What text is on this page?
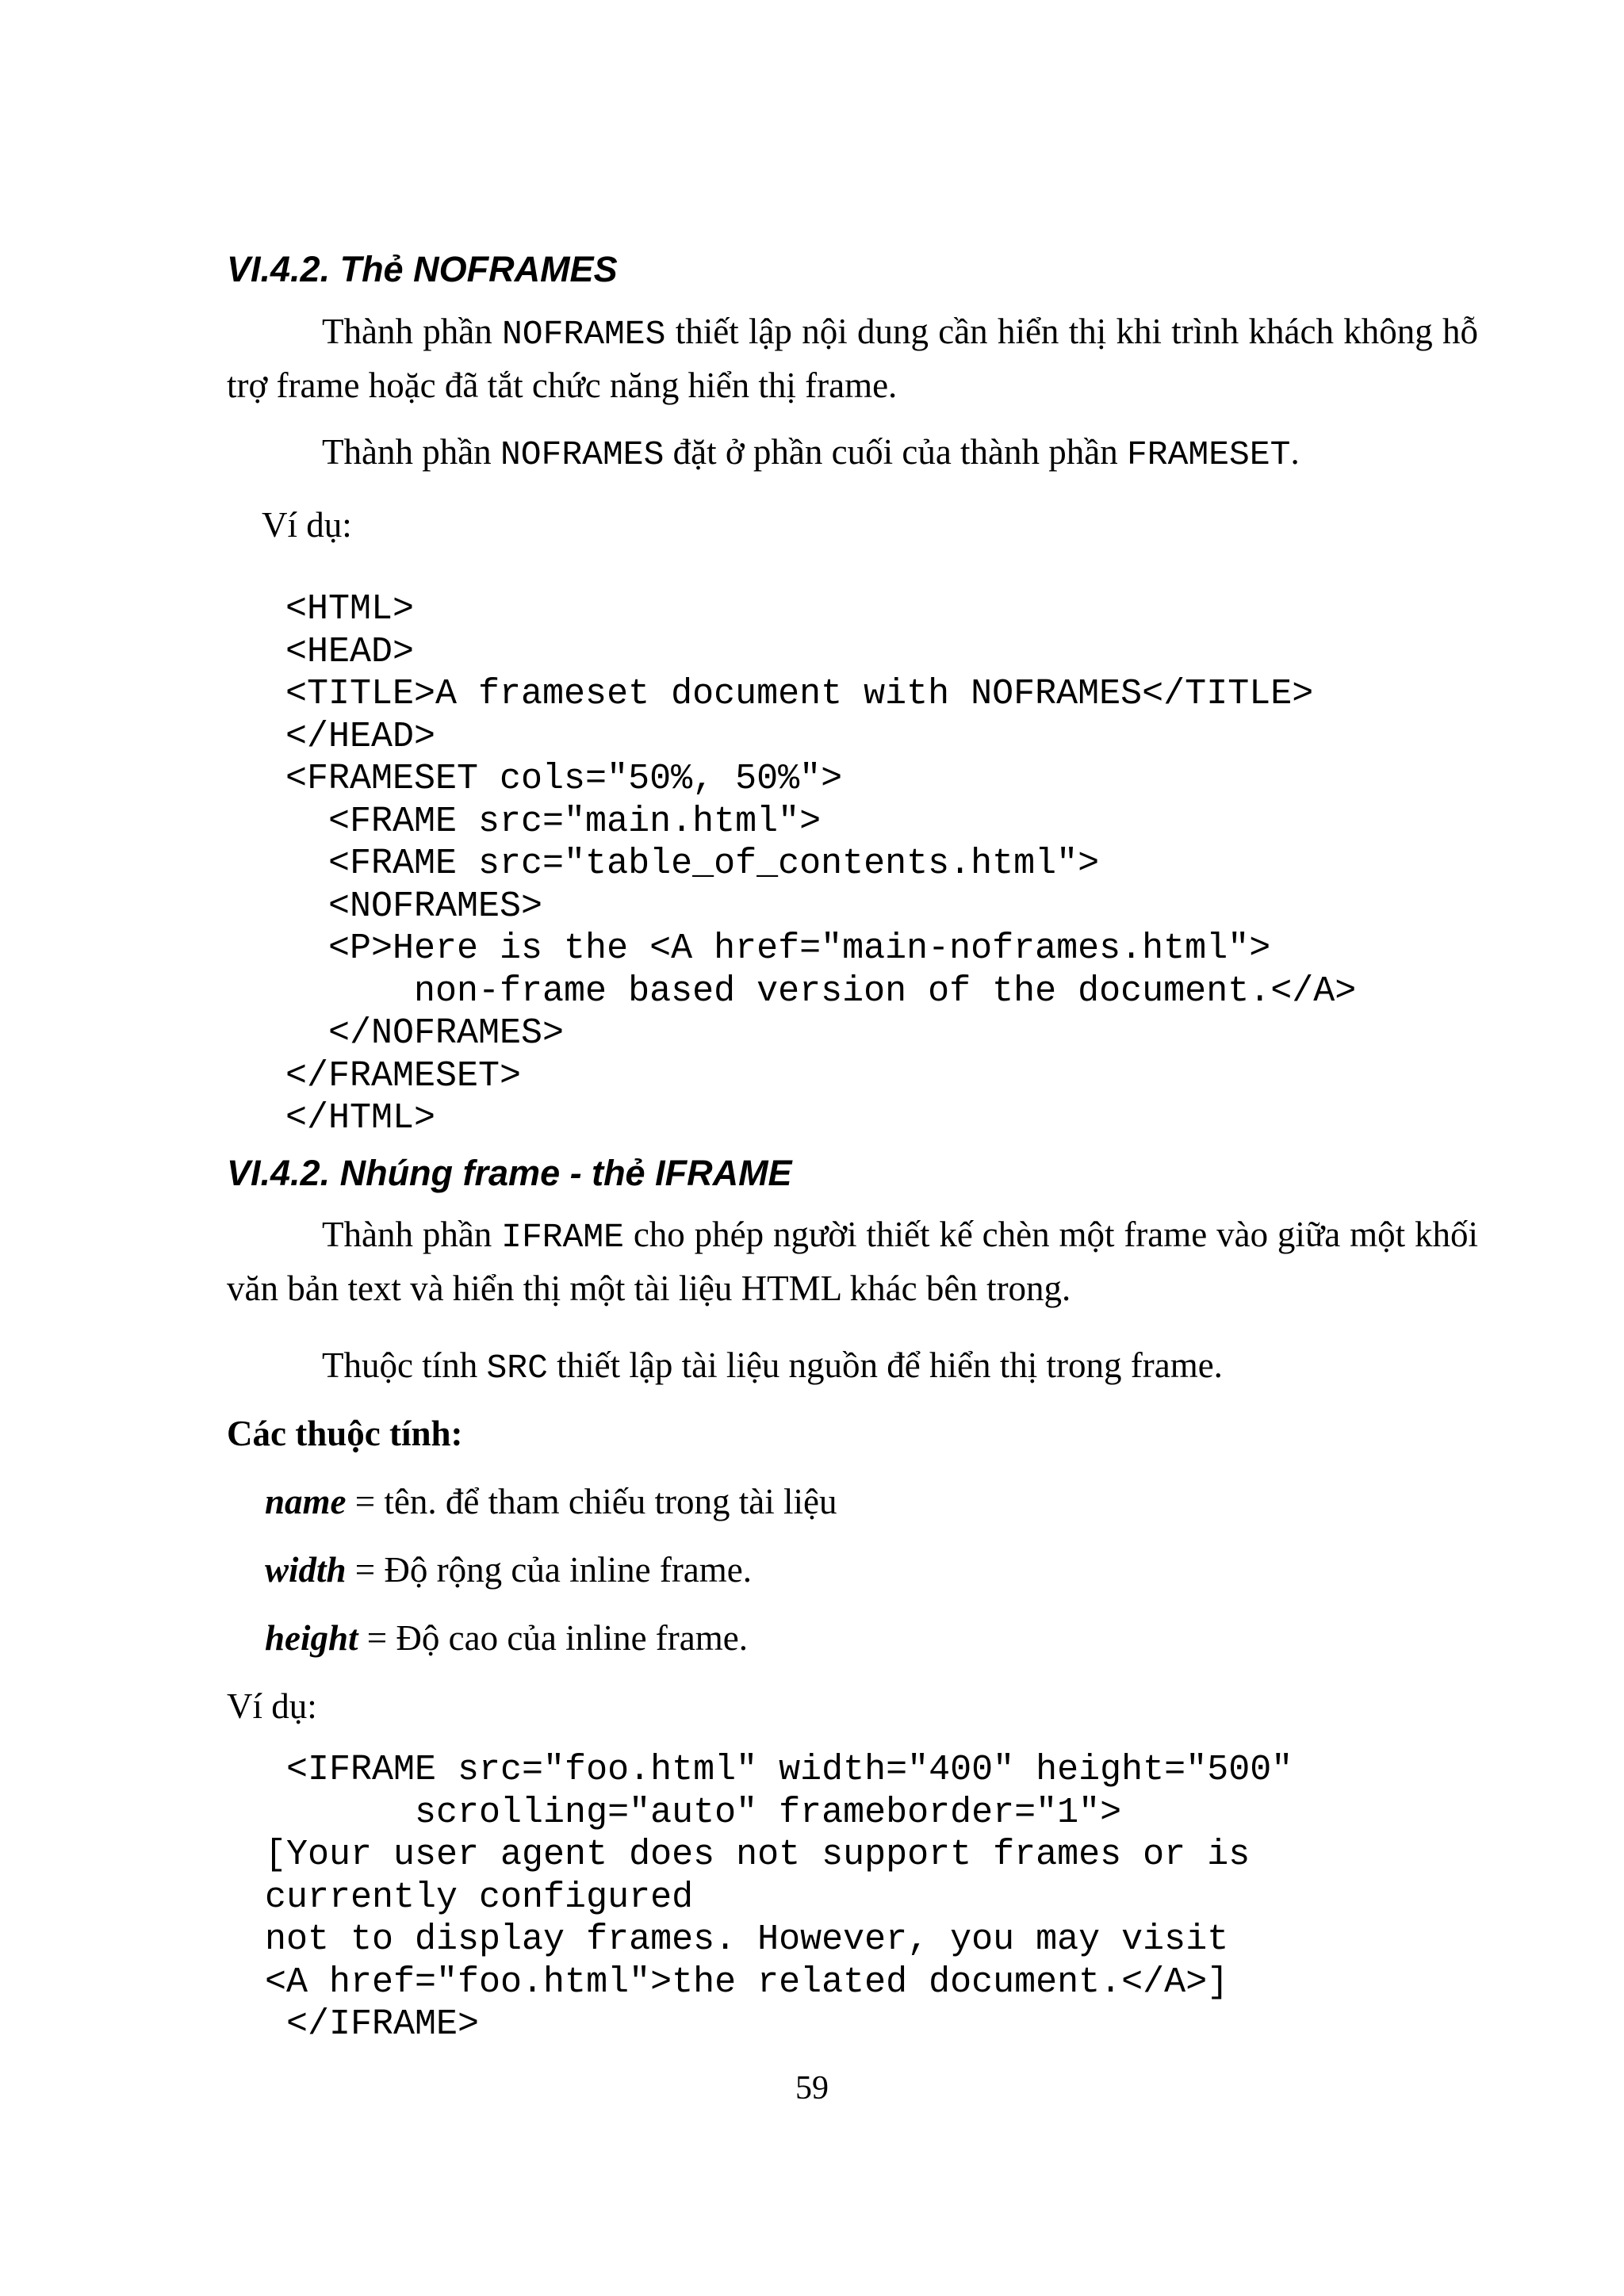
VI.4.2. Thẻ NOFRAMES

Thành phần NOFRAMES thiết lập nội dung cần hiển thị khi trình khách không hỗ trợ frame hoặc đã tắt chức năng hiển thị frame.

Thành phần NOFRAMES đặt ở phần cuối của thành phần FRAMESET.

Ví dụ:

<HTML>
<HEAD>
<TITLE>A frameset document with NOFRAMES</TITLE>
</HEAD>
<FRAMESET cols="50%, 50%">
<FRAME src="main.html">
<FRAME src="table_of_contents.html">
<NOFRAMES>
<P>Here is the <A href="main-noframes.html">
non-frame based version of the document.</A>
</NOFRAMES>
</FRAMESET>
</HTML>
VI.4.2. Nhúng frame - thẻ IFRAME

Thành phần IFRAME cho phép người thiết kế chèn một frame vào giữa một khối văn bản text và hiển thị một tài liệu HTML khác bên trong.

Thuộc tính SRC thiết lập tài liệu nguồn để hiển thị trong frame.

Các thuộc tính:

name = tên. để tham chiếu trong tài liệu

width = Độ rộng của inline frame.

height = Độ cao của inline frame.

Ví dụ:

<IFRAME src="foo.html" width="400" height="500"
scrolling="auto" frameborder="1">
[Your user agent does not support frames or is
currently configured
not to display frames. However, you may visit
<A href="foo.html">the related document.</A>]
</IFRAME>

59
